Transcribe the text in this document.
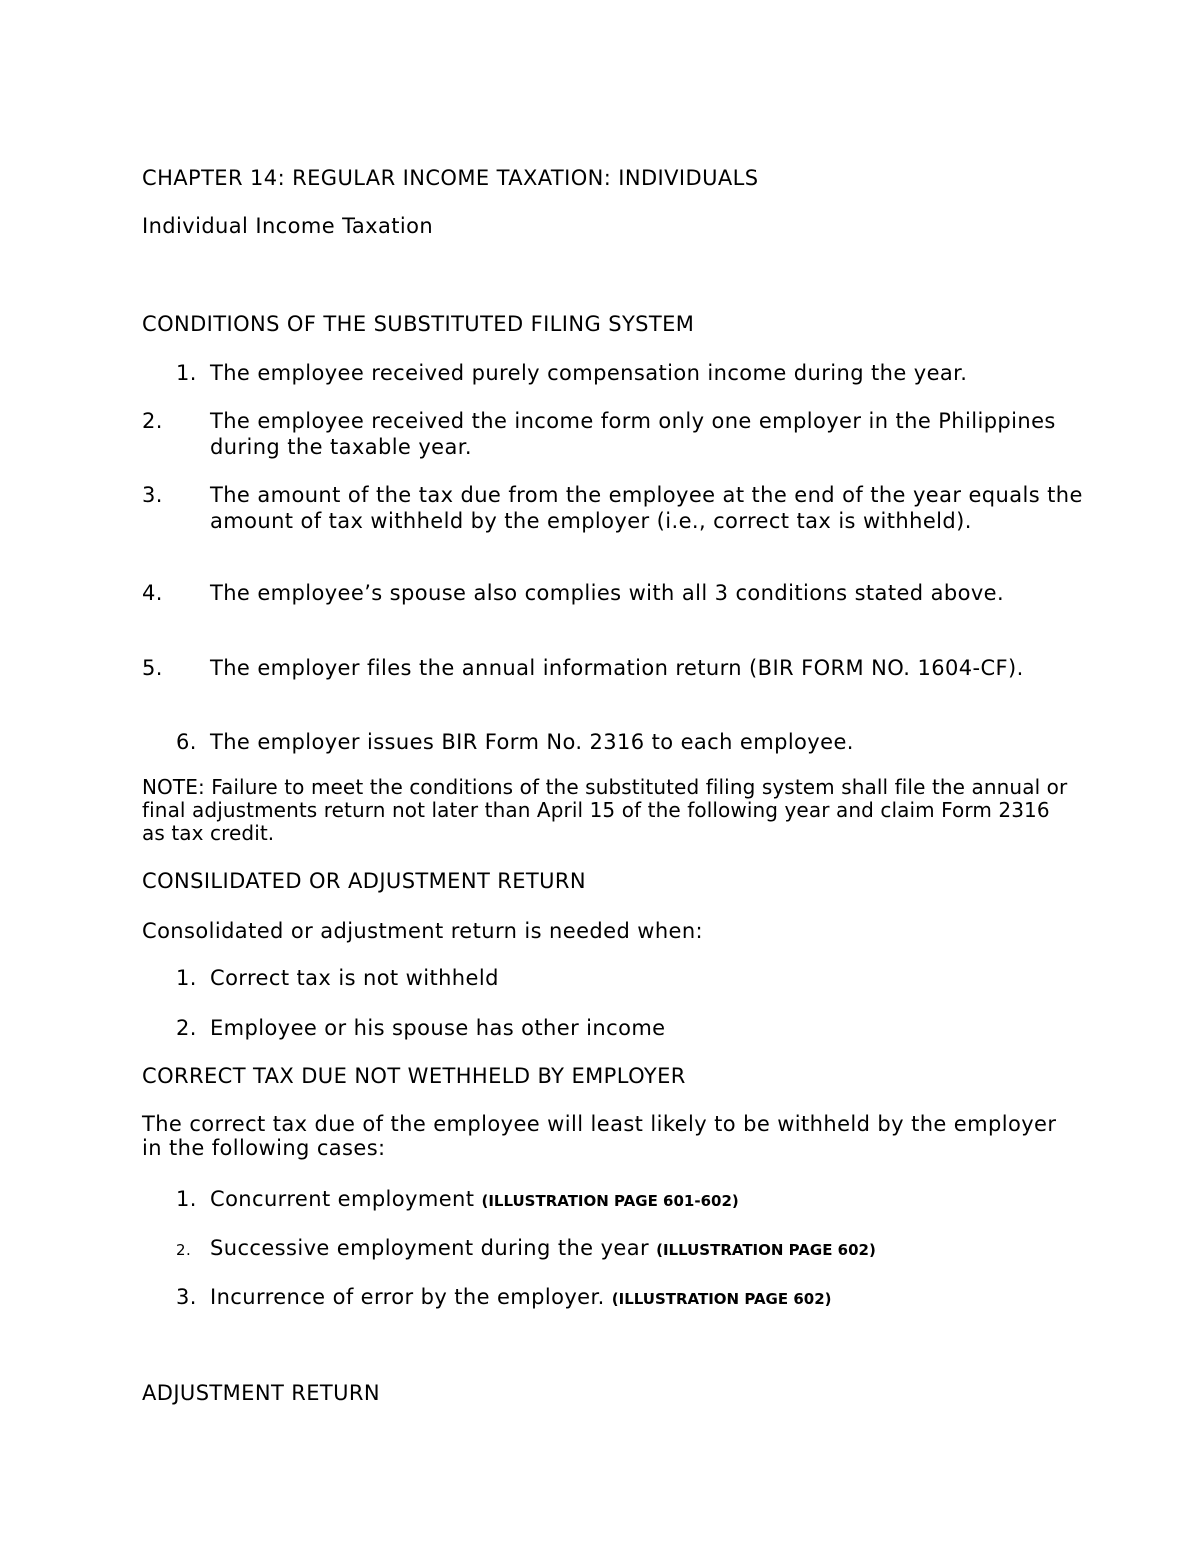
CHAPTER 14: REGULAR INCOME TAXATION: INDIVIDUALS
Individual Income Taxation
CONDITIONS OF THE SUBSTITUTED FILING SYSTEM
1. The employee received purely compensation income during the year.
2. The employee received the income form only one employer in the Philippines during the taxable year.
3. The amount of the tax due from the employee at the end of the year equals the amount of tax withheld by the employer (i.e., correct tax is withheld).
4. The employee’s spouse also complies with all 3 conditions stated above.
5. The employer files the annual information return (BIR FORM NO. 1604-CF).
6. The employer issues BIR Form No. 2316 to each employee.
NOTE: Failure to meet the conditions of the substituted filing system shall file the annual or final adjustments return not later than April 15 of the following year and claim Form 2316 as tax credit.
CONSILIDATED OR ADJUSTMENT RETURN
Consolidated or adjustment return is needed when:
1. Correct tax is not withheld
2. Employee or his spouse has other income
CORRECT TAX DUE NOT WETHHELD BY EMPLOYER
The correct tax due of the employee will least likely to be withheld by the employer in the following cases:
1. Concurrent employment (ILLUSTRATION PAGE 601-602)
2. Successive employment during the year (ILLUSTRATION PAGE 602)
3. Incurrence of error by the employer. (ILLUSTRATION PAGE 602)
ADJUSTMENT RETURN
